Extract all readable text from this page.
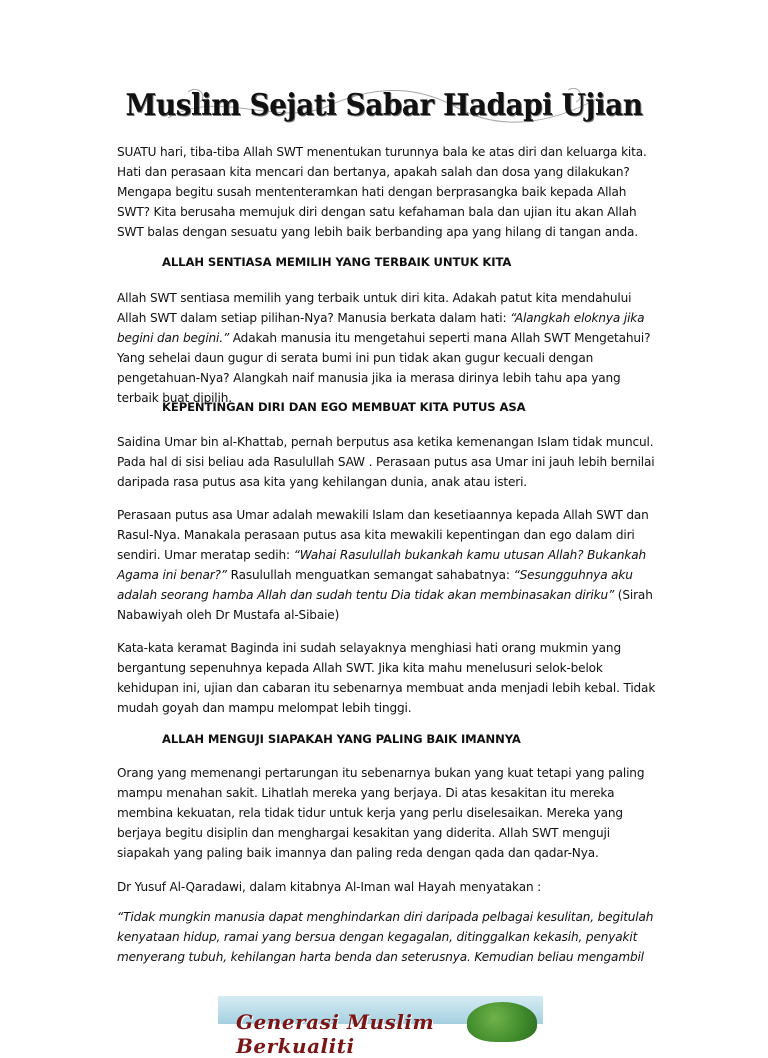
Muslim Sejati Sabar Hadapi Ujian
SUATU hari, tiba-tiba Allah SWT menentukan turunnya bala ke atas diri dan keluarga kita. Hati dan perasaan kita mencari dan bertanya, apakah salah dan dosa yang dilakukan? Mengapa begitu susah mententeramkan hati dengan berprasangka baik kepada Allah SWT? Kita berusaha memujuk diri dengan satu kefahaman bala dan ujian itu akan Allah SWT balas dengan sesuatu yang lebih baik berbanding apa yang hilang di tangan anda.
ALLAH SENTIASA MEMILIH YANG TERBAIK UNTUK KITA
Allah SWT sentiasa memilih yang terbaik untuk diri kita. Adakah patut kita mendahului Allah SWT dalam setiap pilihan-Nya? Manusia berkata dalam hati: “Alangkah eloknya jika begini dan begini.” Adakah manusia itu mengetahui seperti mana Allah SWT Mengetahui? Yang sehelai daun gugur di serata bumi ini pun tidak akan gugur kecuali dengan pengetahuan-Nya? Alangkah naif manusia jika ia merasa dirinya lebih tahu apa yang terbaik buat dipilih.
KEPENTINGAN DIRI DAN EGO MEMBUAT KITA PUTUS ASA
Saidina Umar bin al-Khattab, pernah berputus asa ketika kemenangan Islam tidak muncul. Pada hal di sisi beliau ada Rasulullah SAW . Perasaan putus asa Umar ini jauh lebih bernilai daripada rasa putus asa kita yang kehilangan dunia, anak atau isteri.
Perasaan putus asa Umar adalah mewakili Islam dan kesetiaannya kepada Allah SWT dan Rasul-Nya. Manakala perasaan putus asa kita mewakili kepentingan dan ego dalam diri sendiri. Umar meratap sedih: “Wahai Rasulullah bukankah kamu utusan Allah? Bukankah Agama ini benar?” Rasulullah menguatkan semangat sahabatnya: “Sesungguhnya aku adalah seorang hamba Allah dan sudah tentu Dia tidak akan membinasakan diriku” (Sirah Nabawiyah oleh Dr Mustafa al-Sibaie)
Kata-kata keramat Baginda ini sudah selayaknya menghiasi hati orang mukmin yang bergantung sepenuhnya kepada Allah SWT. Jika kita mahu menelusuri selok-belok kehidupan ini, ujian dan cabaran itu sebenarnya membuat anda menjadi lebih kebal. Tidak mudah goyah dan mampu melompat lebih tinggi.
ALLAH MENGUJI SIAPAKAH YANG PALING BAIK IMANNYA
Orang yang memenangi pertarungan itu sebenarnya bukan yang kuat tetapi yang paling mampu menahan sakit. Lihatlah mereka yang berjaya. Di atas kesakitan itu mereka membina kekuatan, rela tidak tidur untuk kerja yang perlu diselesaikan. Mereka yang berjaya begitu disiplin dan menghargai kesakitan yang diderita. Allah SWT menguji siapakah yang paling baik imannya dan paling reda dengan qada dan qadar-Nya.
Dr Yusuf Al-Qaradawi, dalam kitabnya Al-Iman wal Hayah menyatakan :
“Tidak mungkin manusia dapat menghindarkan diri daripada pelbagai kesulitan, begitulah kenyataan hidup, ramai yang bersua dengan kegagalan, ditinggalkan kekasih, penyakit menyerang tubuh, kehilangan harta benda dan seterusnya. Kemudian beliau mengambil
Generasi Muslim Berkualiti
